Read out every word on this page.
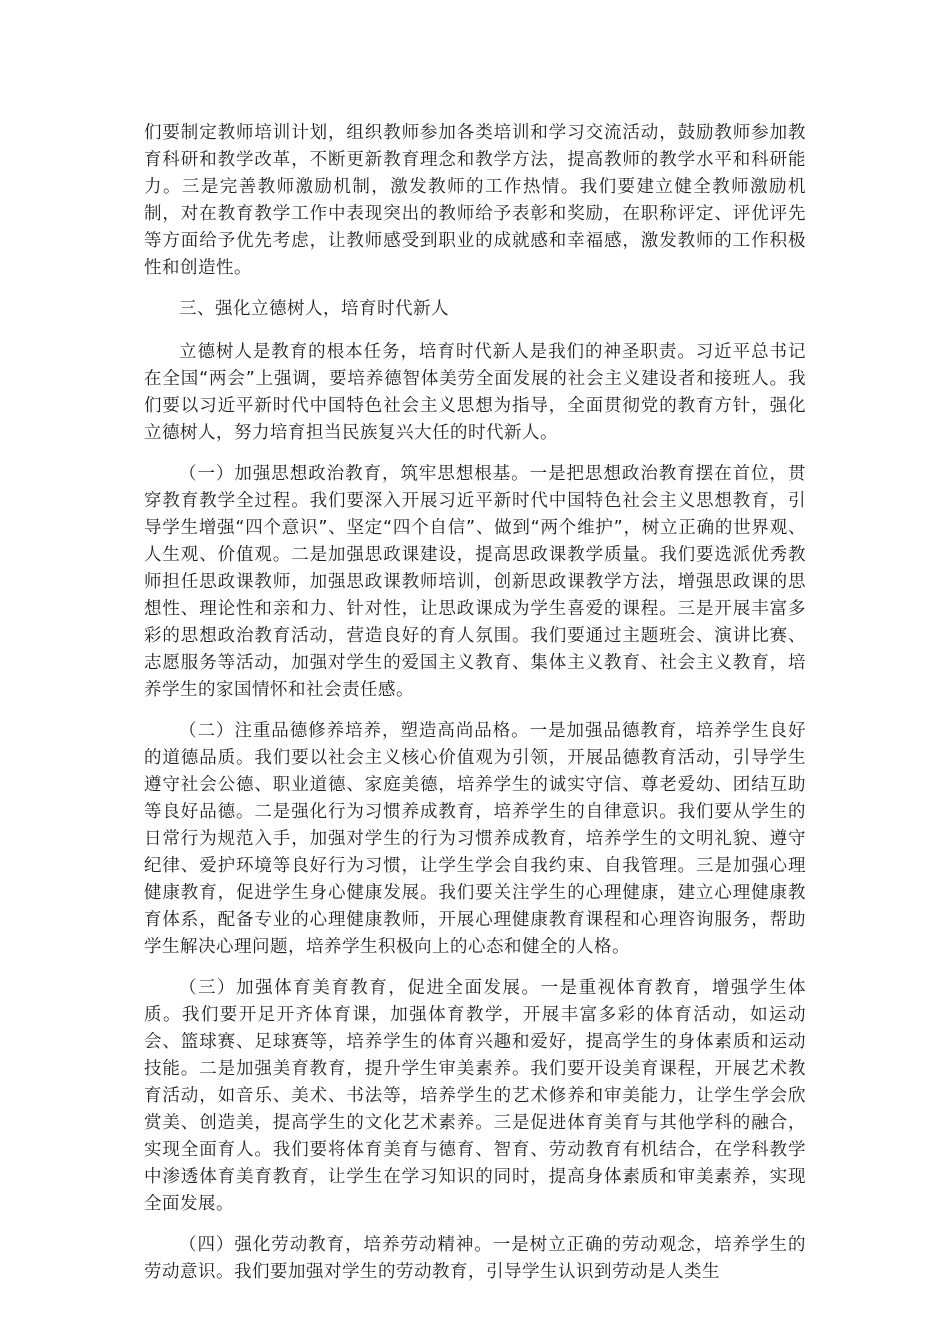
们要制定教师培训计划，组织教师参加各类培训和学习交流活动，鼓励教师参加教育科研和教学改革，不断更新教育理念和教学方法，提高教师的教学水平和科研能力。三是完善教师激励机制，激发教师的工作热情。我们要建立健全教师激励机制，对在教育教学工作中表现突出的教师给予表彰和奖励，在职称评定、评优评先等方面给予优先考虑，让教师感受到职业的成就感和幸福感，激发教师的工作积极性和创造性。

三、强化立德树人，培育时代新人

立德树人是教育的根本任务，培育时代新人是我们的神圣职责。习近平总书记在全国“两会”上强调，要培养德智体美劳全面发展的社会主义建设者和接班人。我们要以习近平新时代中国特色社会主义思想为指导，全面贯彻党的教育方针，强化立德树人，努力培育担当民族复兴大任的时代新人。

（一）加强思想政治教育，筑牢思想根基。一是把思想政治教育摆在首位，贯穿教育教学全过程。我们要深入开展习近平新时代中国特色社会主义思想教育，引导学生增强“四个意识”、坚定“四个自信”、做到“两个维护”，树立正确的世界观、人生观、价值观。二是加强思政课建设，提高思政课教学质量。我们要选派优秀教师担任思政课教师，加强思政课教师培训，创新思政课教学方法，增强思政课的思想性、理论性和亲和力、针对性，让思政课成为学生喜爱的课程。三是开展丰富多彩的思想政治教育活动，营造良好的育人氛围。我们要通过主题班会、演讲比赛、志愿服务等活动，加强对学生的爱国主义教育、集体主义教育、社会主义教育，培养学生的家国情怀和社会责任感。

（二）注重品德修养培养，塑造高尚品格。一是加强品德教育，培养学生良好的道德品质。我们要以社会主义核心价值观为引领，开展品德教育活动，引导学生遵守社会公德、职业道德、家庭美德，培养学生的诚实守信、尊老爱幼、团结互助等良好品德。二是强化行为习惯养成教育，培养学生的自律意识。我们要从学生的日常行为规范入手，加强对学生的行为习惯养成教育，培养学生的文明礼貌、遵守纪律、爱护环境等良好行为习惯，让学生学会自我约束、自我管理。三是加强心理健康教育，促进学生身心健康发展。我们要关注学生的心理健康，建立心理健康教育体系，配备专业的心理健康教师，开展心理健康教育课程和心理咨询服务，帮助学生解决心理问题，培养学生积极向上的心态和健全的人格。

（三）加强体育美育教育，促进全面发展。一是重视体育教育，增强学生体质。我们要开足开齐体育课，加强体育教学，开展丰富多彩的体育活动，如运动会、篮球赛、足球赛等，培养学生的体育兴趣和爱好，提高学生的身体素质和运动技能。二是加强美育教育，提升学生审美素养。我们要开设美育课程，开展艺术教育活动，如音乐、美术、书法等，培养学生的艺术修养和审美能力，让学生学会欣赏美、创造美，提高学生的文化艺术素养。三是促进体育美育与其他学科的融合，实现全面育人。我们要将体育美育与德育、智育、劳动教育有机结合，在学科教学中渗透体育美育教育，让学生在学习知识的同时，提高身体素质和审美素养，实现全面发展。

（四）强化劳动教育，培养劳动精神。一是树立正确的劳动观念，培养学生的劳动意识。我们要加强对学生的劳动教育，引导学生认识到劳动是人类生
